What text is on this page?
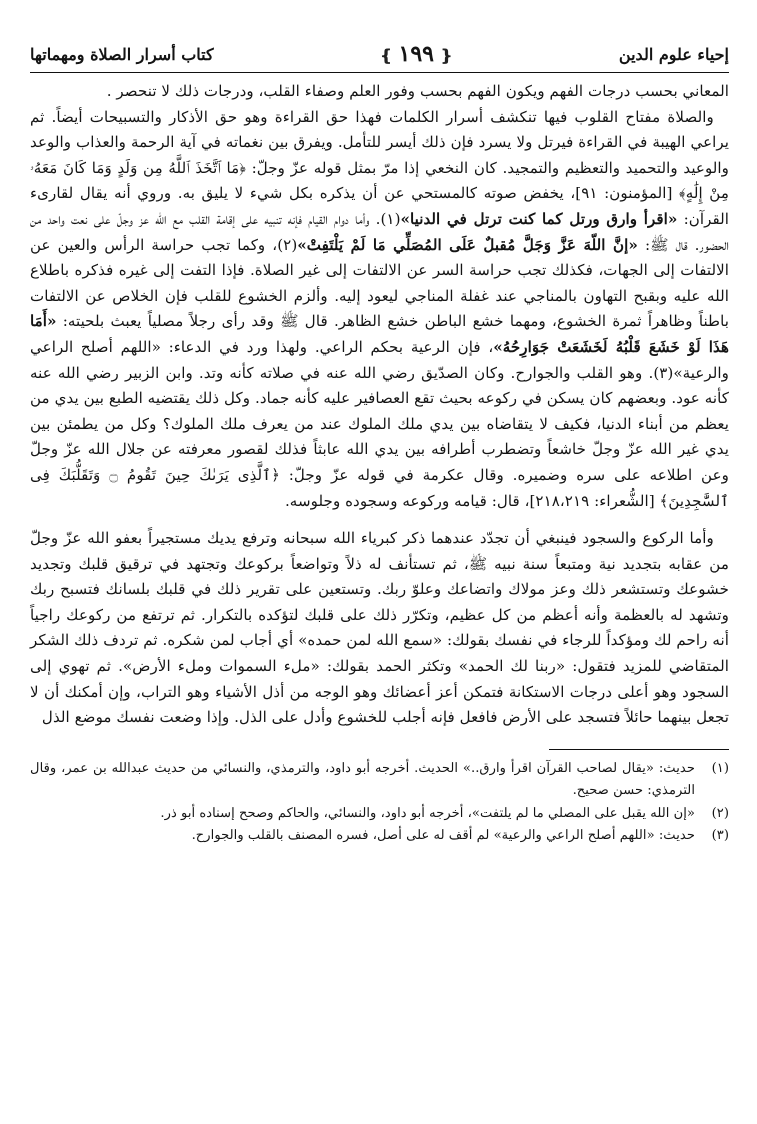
إحياء علوم الدين
❴ ١٩٩ ❵
كتاب أسرار الصلاة ومهماتها

المعاني بحسب درجات الفهم ويكون الفهم بحسب وفور العلم وصفاء القلب، ودرجات ذلك لا تنحصر .

 والصلاة مفتاح القلوب فيها تنكشف أسرار الكلمات فهذا حق القراءة وهو حق الأذكار والتسبيحات أيضاً. ثم يراعي الهيبة في القراءة فيرتل ولا يسرد فإن ذلك أيسر للتأمل. ويفرق بين نغماته في آية الرحمة والعذاب والوعد والوعيد والتحميد والتعظيم والتمجيد. كان النخعي إذا مرّ بمثل قوله عزّ وجلّ: ﴿مَا ٱتَّخَذَ ٱللَّهُ مِن وَلَدٍ وَمَا كَانَ مَعَهُۥ مِنْ إِلَٰهٍ﴾ [المؤمنون: ٩١]، يخفض صوته كالمستحي عن أن يذكره بكل شيء لا يليق به. وروي أنه يقال لقارىء القرآن: «اقرأ وارق ورتل كما كنت ترتل في الدنيا»(١). وأما دوام القيام فإنه تنبيه على إقامة القلب مع الله عز وجلّ على نعت واحد من الحضور. قال ﷺ: «إنَّ اللّهَ عَزَّ وَجَلَّ مُقبلٌ عَلَى المُصَلِّي مَا لَمْ يَلْتَفِتْ»(٢)، وكما تجب حراسة الرأس والعين عن الالتفات إلى الجهات، فكذلك تجب حراسة السر عن الالتفات إلى غير الصلاة. فإذا التفت إلى غيره فذكره باطلاع الله عليه وبقبح التهاون بالمناجي عند غفلة المناجي ليعود إليه. وألزم الخشوع للقلب فإن الخلاص عن الالتفات باطناً وظاهراً ثمرة الخشوع، ومهما خشع الباطن خشع الظاهر. قال ﷺ وقد رأى رجلاً مصلياً يعبث بلحيته: «أَمَا هَذَا لَوْ خَشَعَ قَلْبُهُ لَخَشَعَتْ جَوَارِحُهُ»، فإن الرعية بحكم الراعي. ولهذا ورد في الدعاء: «اللهم أصلح الراعي والرعية»(٣). وهو القلب والجوارح. وكان الصدّيق رضي الله عنه في صلاته كأنه وتد. وابن الزبير رضي الله عنه كأنه عود. وبعضهم كان يسكن في ركوعه بحيث تقع العصافير عليه كأنه جماد. وكل ذلك يقتضيه الطبع بين يدي من يعظم من أبناء الدنيا، فكيف لا يتقاضاه بين يدي ملك الملوك عند من يعرف ملك الملوك؟ وكل من يطمئن بين يدي غير الله عزّ وجلّ خاشعاً وتضطرب أطرافه بين يدي الله عابثاً فذلك لقصور معرفته عن جلال الله عزّ وجلّ وعن اطلاعه على سره وضميره. وقال عكرمة في قوله عزّ وجلّ: ﴿ٱلَّذِى يَرَىٰكَ حِينَ تَقُومُ ۝ وَتَقَلُّبَكَ فِى ٱلسَّٰجِدِينَ﴾ [الشُّعراء: ٢١٨،٢١٩]، قال: قيامه وركوعه وسجوده وجلوسه.

 وأما الركوع والسجود فينبغي أن تجدّد عندهما ذكر كبرياء الله سبحانه وترفع يديك مستجيراً بعفو الله عزّ وجلّ من عقابه بتجديد نية ومتبعاً سنة نبيه ﷺ، ثم تستأنف له ذلاً وتواضعاً بركوعك وتجتهد في ترقيق قلبك وتجديد خشوعك وتستشعر ذلك وعز مولاك واتضاعك وعلوّ ربك. وتستعين على تقرير ذلك في قلبك بلسانك فتسبح ربك وتشهد له بالعظمة وأنه أعظم من كل عظيم، وتكرّر ذلك على قلبك لتؤكده بالتكرار. ثم ترتفع من ركوعك راجياً أنه راحم لك ومؤكداً للرجاء في نفسك بقولك: «سمع الله لمن حمده» أي أجاب لمن شكره. ثم تردف ذلك الشكر المتقاضي للمزيد فتقول: «ربنا لك الحمد» وتكثر الحمد بقولك: «ملء السموات وملء الأرض». ثم تهوي إلى السجود وهو أعلى درجات الاستكانة فتمكن أعز أعضائك وهو الوجه من أذل الأشياء وهو التراب، وإن أمكنك أن لا تجعل بينهما حائلاً فتسجد على الأرض فافعل فإنه أجلب للخشوع وأدل على الذل. وإذا وضعت نفسك موضع الذل

(١)
حديث: «يقال لصاحب القرآن اقرأ وارق..» الحديث. أخرجه أبو داود، والترمذي، والنسائي من حديث عبدالله بن عمر، وقال الترمذي: حسن صحيح.
(٢)
«إن الله يقبل على المصلي ما لم يلتفت»، أخرجه أبو داود، والنسائي، والحاكم وصحح إسناده أبو ذر.
(٣)
حديث: «اللهم أصلح الراعي والرعية» لم أقف له على أصل، فسره المصنف بالقلب والجوارح.
